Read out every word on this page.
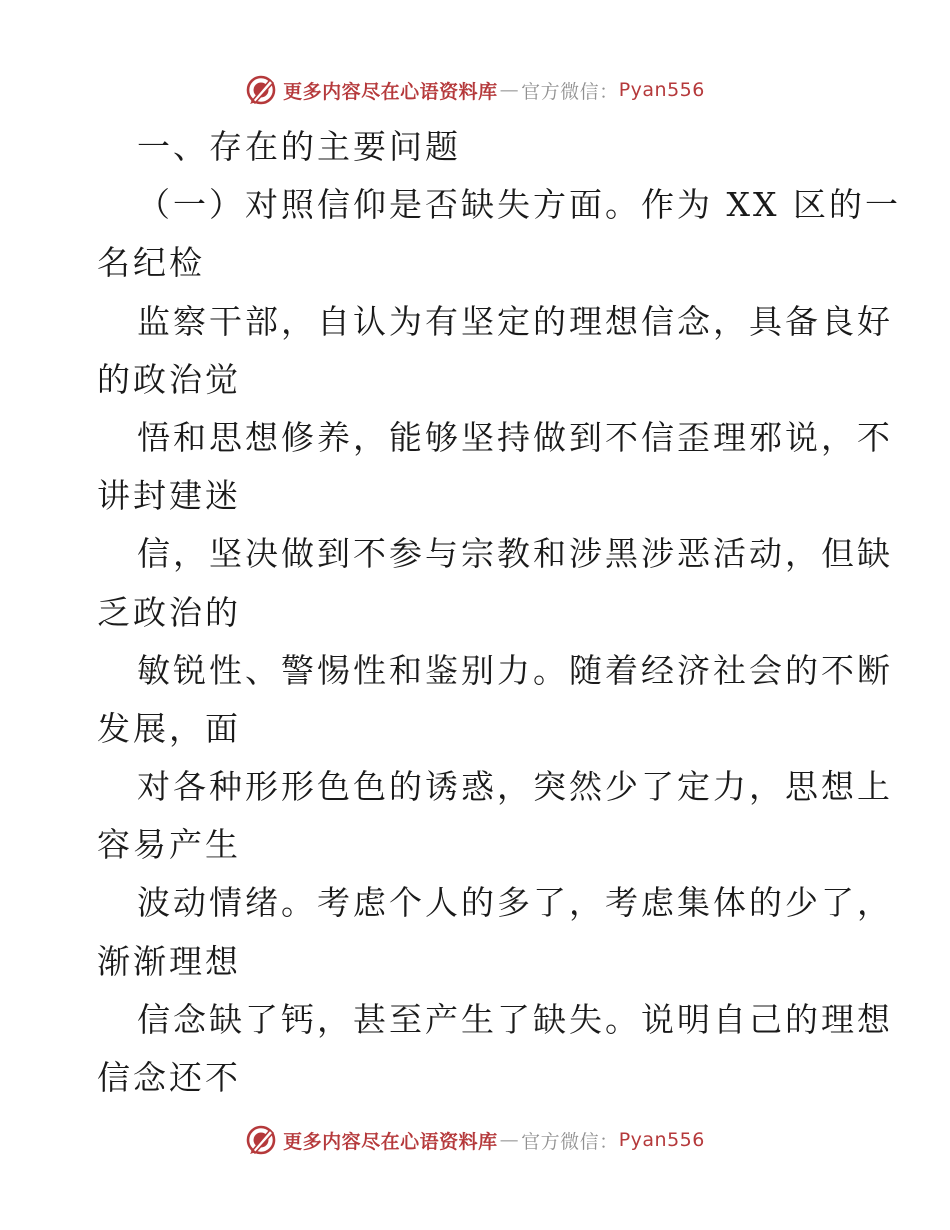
更多内容尽在心语资料库 — 官方微信： Pyan556
一、存在的主要问题
（一）对照信仰是否缺失方面。作为 XX 区的一
名纪检
监察干部，自认为有坚定的理想信念，具备良好
的政治觉
悟和思想修养，能够坚持做到不信歪理邪说，不
讲封建迷
信，坚决做到不参与宗教和涉黑涉恶活动，但缺
乏政治的
敏锐性、警惕性和鉴别力。随着经济社会的不断
发展，面
对各种形形色色的诱惑，突然少了定力，思想上
容易产生
波动情绪。考虑个人的多了，考虑集体的少了，
渐渐理想
信念缺了钙，甚至产生了缺失。说明自己的理想
信念还不
更多内容尽在心语资料库 — 官方微信： Pyan556
